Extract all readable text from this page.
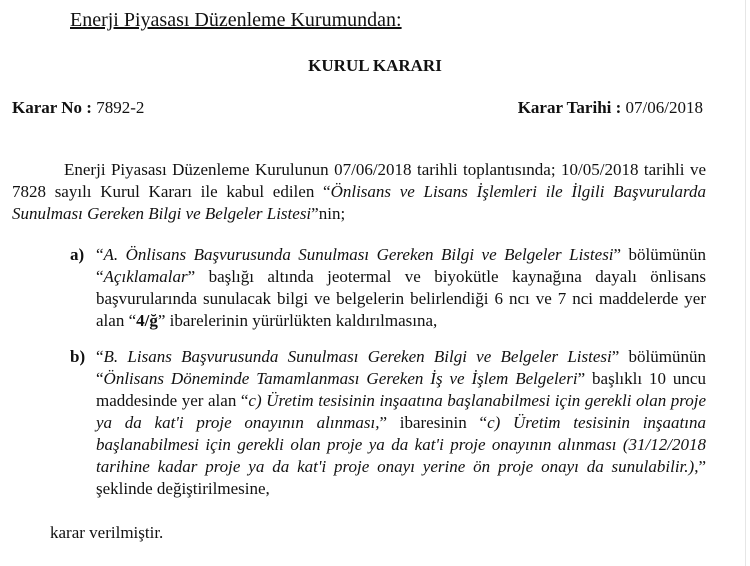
Enerji Piyasası Düzenleme Kurumundan:
KURUL KARARI
Karar No : 7892-2	Karar Tarihi : 07/06/2018

Enerji Piyasası Düzenleme Kurulunun 07/06/2018 tarihli toplantısında; 10/05/2018 tarihli ve 7828 sayılı Kurul Kararı ile kabul edilen “Önlisans ve Lisans İşlemleri ile İlgili Başvurularda Sunulması Gereken Bilgi ve Belgeler Listesi”nin;

a) “A. Önlisans Başvurusunda Sunulması Gereken Bilgi ve Belgeler Listesi” bölümünün “Açıklamalar” başlığı altında jeotermal ve biyokütle kaynağına dayalı önlisans başvurularında sunulacak bilgi ve belgelerin belirlendiği 6 ncı ve 7 nci maddelerde yer alan “4/ğ” ibarelerinin yürürlükten kaldırılmasına,
b) “B. Lisans Başvurusunda Sunulması Gereken Bilgi ve Belgeler Listesi” bölümünün “Önlisans Döneminde Tamamlanması Gereken İş ve İşlem Belgeleri” başlıklı 10 uncu maddesinde yer alan “c) Üretim tesisinin inşaatına başlanabilmesi için gerekli olan proje ya da kat'i proje onayının alınması,” ibaresinin “c) Üretim tesisinin inşaatına başlanabilmesi için gerekli olan proje ya da kat'i proje onayının alınması (31/12/2018 tarihine kadar proje ya da kat'i proje onayı yerine ön proje onayı da sunulabilir.),” şeklinde değiştirilmesine,
karar verilmiştir.
